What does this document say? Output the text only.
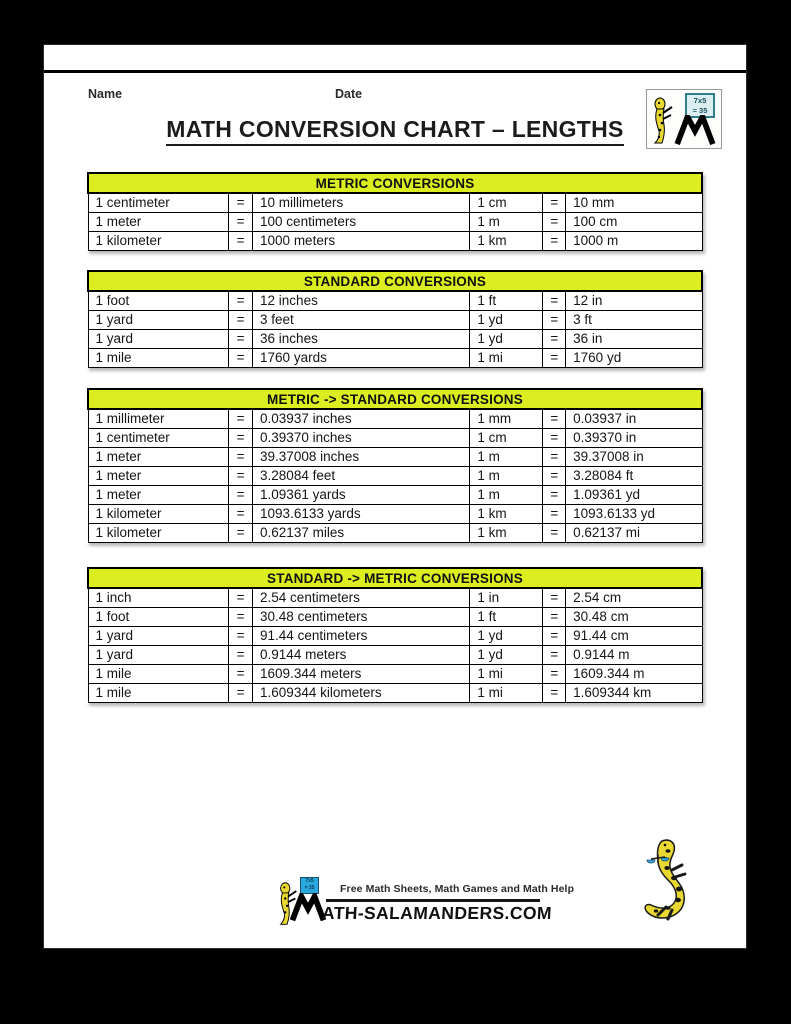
Name	Date	7x5
= 35
MATH CONVERSION CHART – LENGTHS
METRIC CONVERSIONS					
1 centimeter	=	10 millimeters	1 cm	=	10 mm
1 meter	=	100 centimeters	1 m	=	100 cm
1 kilometer	=	1000 meters	1 km	=	1000 m
STANDARD CONVERSIONS					
1 foot	=	12 inches	1 ft	=	12 in
1 yard	=	3 feet	1 yd	=	3 ft
1 yard	=	36 inches	1 yd	=	36 in
1 mile	=	1760 yards	1 mi	=	1760 yd
METRIC -> STANDARD CONVERSIONS					
1 millimeter	=	0.03937 inches	1 mm	=	0.03937 in
1 centimeter	=	0.39370 inches	1 cm	=	0.39370 in
1 meter	=	39.37008 inches	1 m	=	39.37008 in
1 meter	=	3.28084 feet	1 m	=	3.28084 ft
1 meter	=	1.09361 yards	1 m	=	1.09361 yd
1 kilometer	=	1093.6133 yards	1 km	=	1093.6133 yd
1 kilometer	=	0.62137 miles	1 km	=	0.62137 mi
STANDARD -> METRIC CONVERSIONS					
1 inch	=	2.54 centimeters	1 in	=	2.54 cm
1 foot	=	30.48 centimeters	1 ft	=	30.48 cm
1 yard	=	91.44 centimeters	1 yd	=	91.44 cm
1 yard	=	0.9144 meters	1 yd	=	0.9144 m
1 mile	=	1609.344 meters	1 mi	=	1609.344 m
1 mile	=	1.609344 kilometers	1 mi	=	1.609344 km
7x5
= 35	Free Math Sheets, Math Games and Math Help
ATH-SALAMANDERS.COM
